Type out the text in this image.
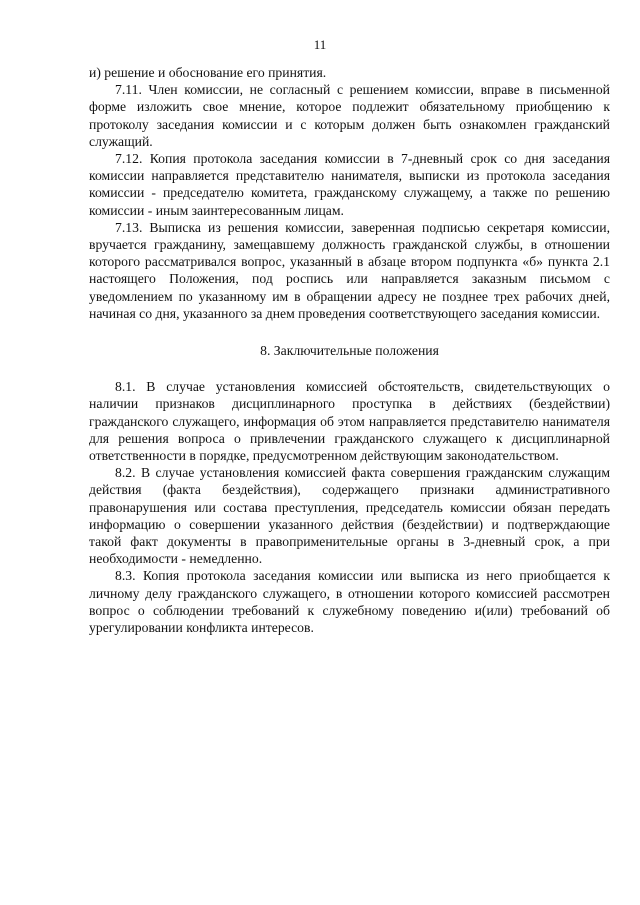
11

и) решение и обоснование его принятия.

7.11. Член комиссии, не согласный с решением комиссии, вправе в письменной форме изложить свое мнение, которое подлежит обязательному приобщению к протоколу заседания комиссии и с которым должен быть ознакомлен гражданский служащий.

7.12. Копия протокола заседания комиссии в 7-дневный срок со дня заседания комиссии направляется представителю нанимателя, выписки из протокола заседания комиссии - председателю комитета, гражданскому служащему, а также по решению комиссии - иным заинтересованным лицам.

7.13. Выписка из решения комиссии, заверенная подписью секретаря комиссии, вручается гражданину, замещавшему должность гражданской службы, в отношении которого рассматривался вопрос, указанный в абзаце втором подпункта «б» пункта 2.1 настоящего Положения, под роспись или направляется заказным письмом с уведомлением по указанному им в обращении адресу не позднее трех рабочих дней, начиная со дня, указанного за днем проведения соответствующего заседания комиссии.

8. Заключительные положения

8.1. В случае установления комиссией обстоятельств, свидетельствующих о наличии признаков дисциплинарного проступка в действиях (бездействии) гражданского служащего, информация об этом направляется представителю нанимателя для решения вопроса о привлечении гражданского служащего к дисциплинарной ответственности в порядке, предусмотренном действующим законодательством.

8.2. В случае установления комиссией факта совершения гражданским служащим действия (факта бездействия), содержащего признаки административного правонарушения или состава преступления, председатель комиссии обязан передать информацию о совершении указанного действия (бездействии) и подтверждающие такой факт документы в правоприменительные органы в 3-дневный срок, а при необходимости - немедленно.

8.3. Копия протокола заседания комиссии или выписка из него приобщается к личному делу гражданского служащего, в отношении которого комиссией рассмотрен вопрос о соблюдении требований к служебному поведению и(или) требований об урегулировании конфликта интересов.
